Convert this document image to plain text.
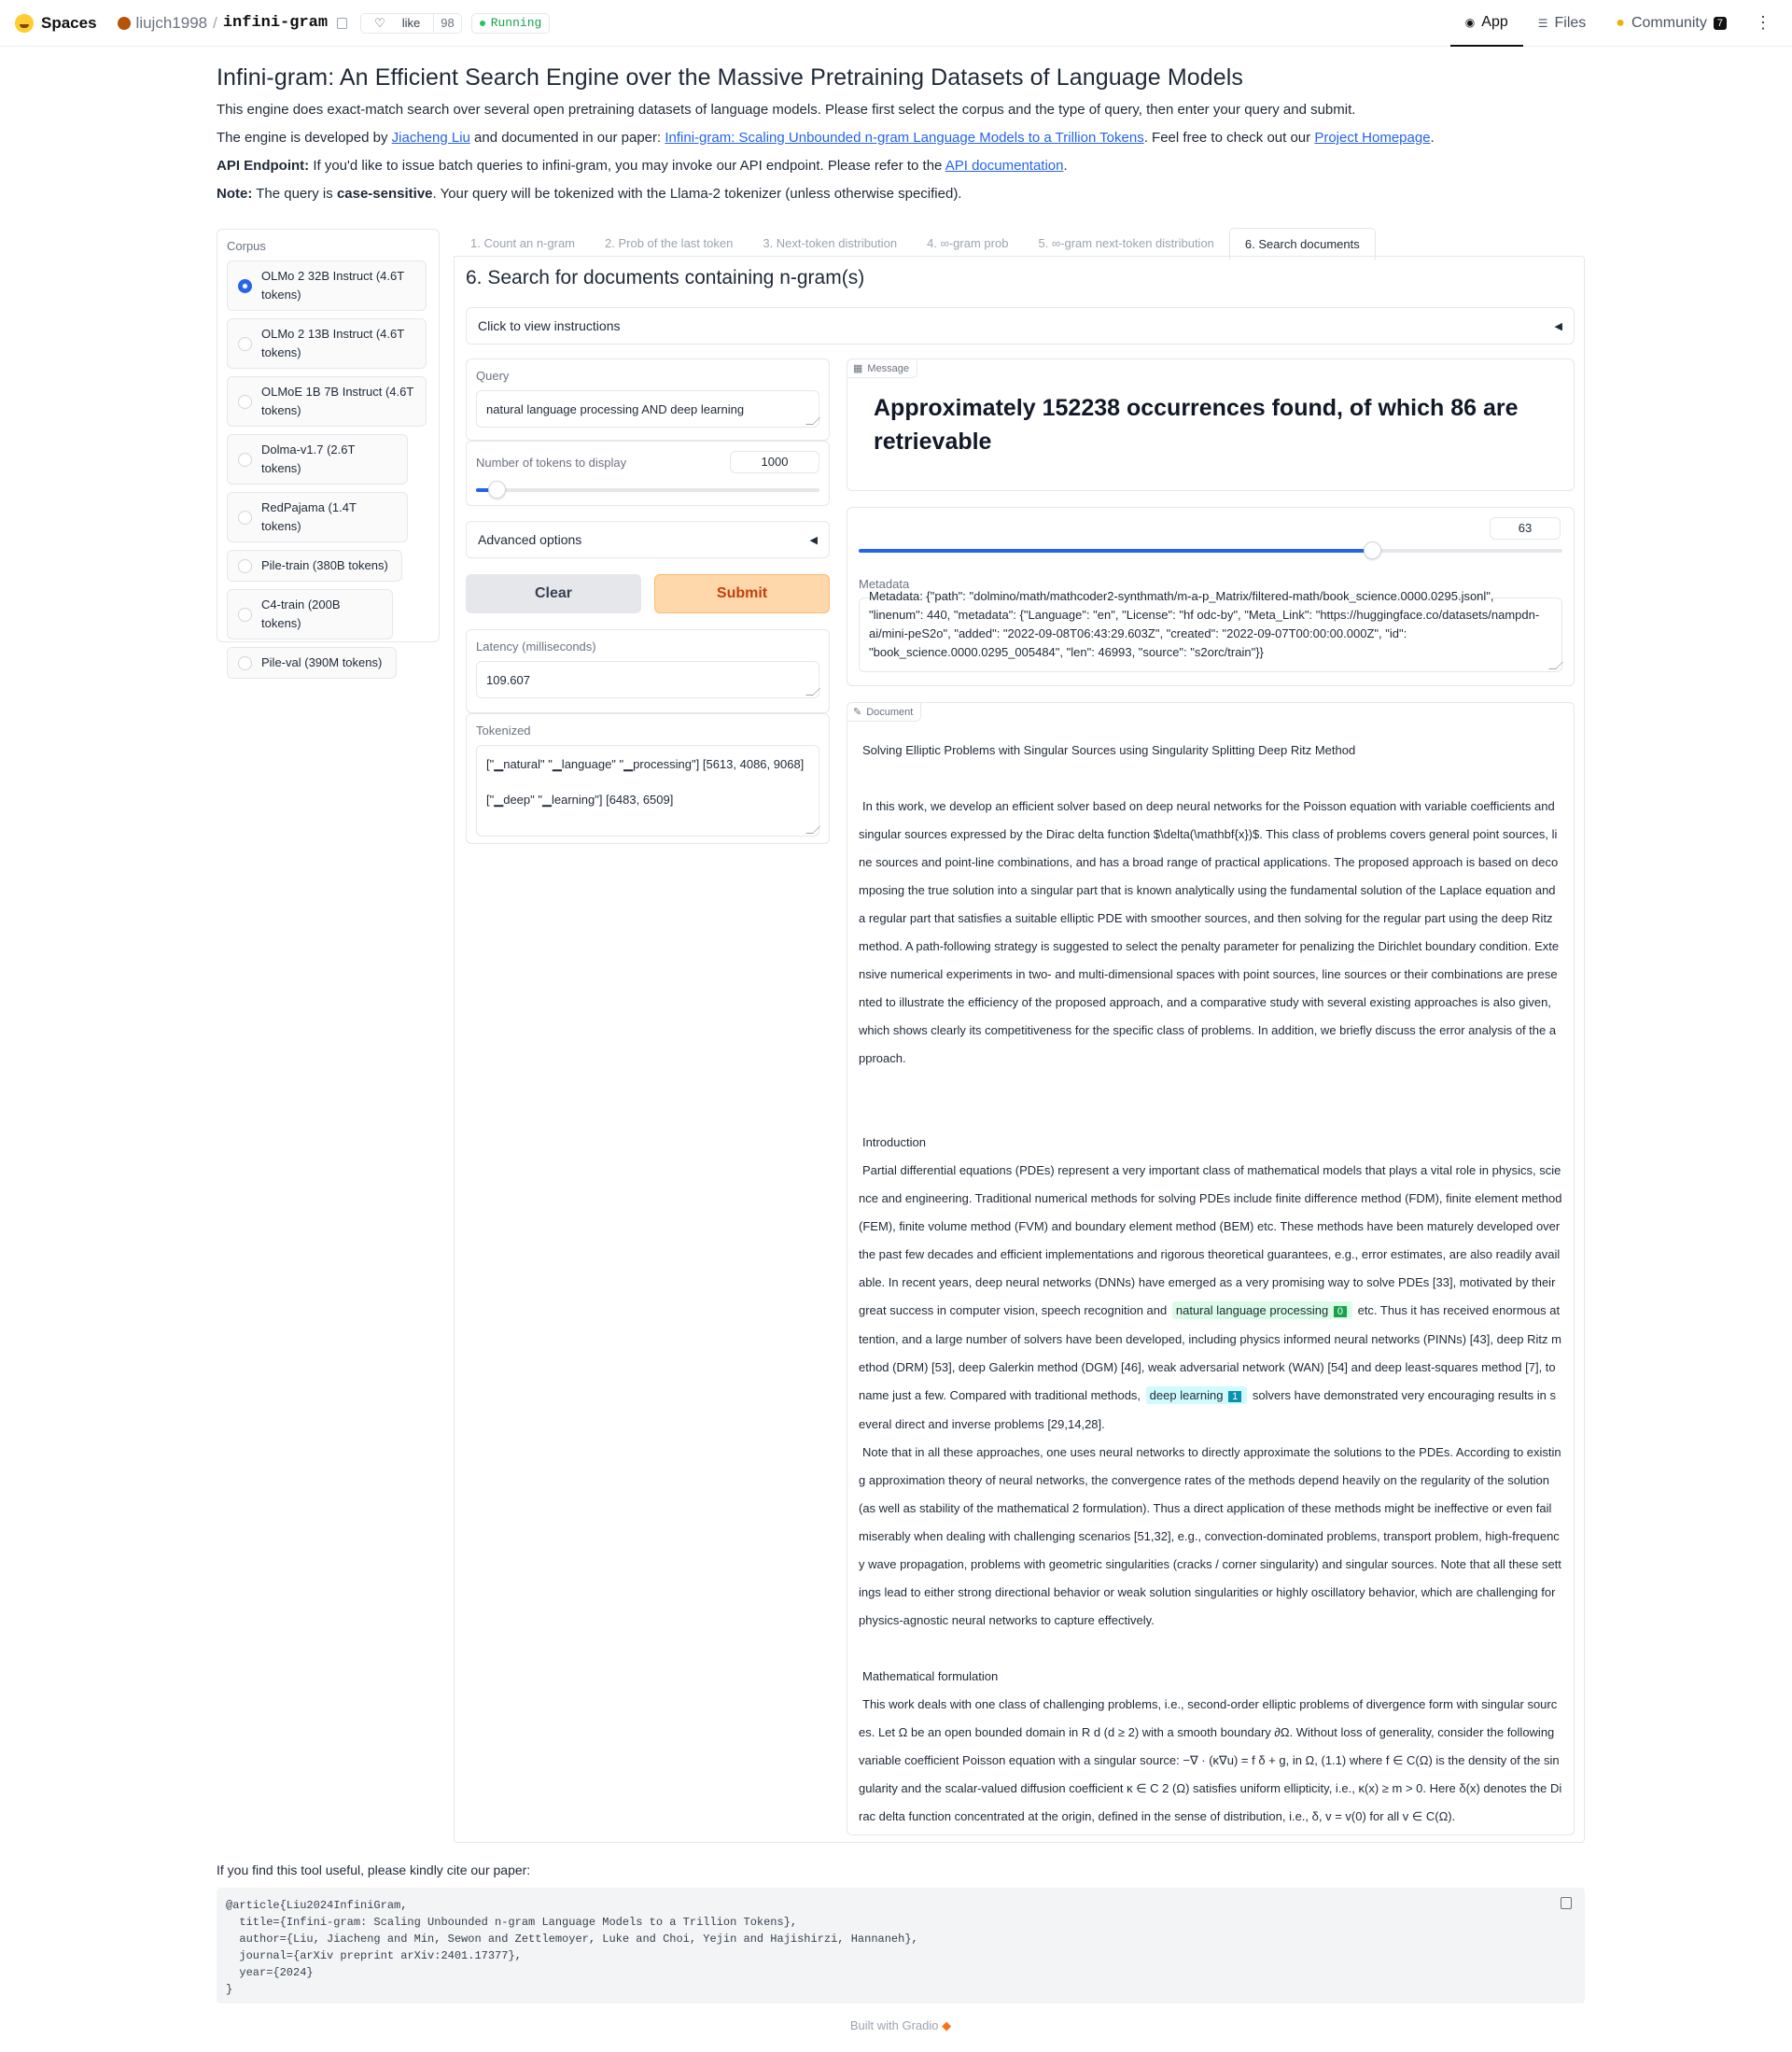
Spaces liujch1998 / infini-gram	♡	like	98	Running	◉ App	☰ Files ● Community	7	⋮
Infini-gram: An Efficient Search Engine over the Massive Pretraining Datasets of Language Models

This engine does exact-match search over several open pretraining datasets of language models. Please first select the corpus and the type of query, then enter your query and submit.

The engine is developed by Jiacheng Liu and documented in our paper: Infini-gram: Scaling Unbounded n-gram Language Models to a Trillion Tokens. Feel free to check out our Project Homepage.

API Endpoint: If you'd like to issue batch queries to infini-gram, you may invoke our API endpoint. Please refer to the API documentation.

Note: The query is case-sensitive. Your query will be tokenized with the Llama-2 tokenizer (unless otherwise specified).

Corpus
OLMo 2 32B Instruct (4.6T tokens)
OLMo 2 13B Instruct (4.6T tokens)
OLMoE 1B 7B Instruct (4.6T tokens)
Dolma-v1.7 (2.6T tokens)
RedPajama (1.4T tokens)
Pile-train (380B tokens)
C4-train (200B tokens)
Pile-val (390M tokens)
1. Count an n-gram	2. Prob of the last token	3. Next-token distribution	4. ∞-gram prob	5. ∞-gram next-token distribution	6. Search documents
6. Search for documents containing n-gram(s)
Click to view instructions	◀
Query
natural language processing AND deep learning
Number of tokens to display	1000
Advanced options	◀
Clear	Submit
Latency (milliseconds)
109.607
Tokenized
["▁natural" "▁language" "▁processing"] [5613, 4086, 9068]
["▁deep" "▁learning"] [6483, 6509]
▦ Message
Approximately 152238 occurrences found, of which 86 are retrievable
63
Metadata
Metadata: {"path": "dolmino/math/mathcoder2-synthmath/m-a-p_Matrix/filtered-math/book_science.0000.0295.jsonl",
"linenum": 440, "metadata": {"Language": "en", "License": "hf odc-by", "Meta_Link": "https://huggingface.co/datasets/nampdn-ai/mini-peS2o", "added": "2022-09-08T06:43:29.603Z", "created": "2022-09-07T00:00:00.000Z", "id": "book_science.0000.0295_005484", "len": 46993, "source": "s2orc/train"}}
✎ Document
Solving Elliptic Problems with Singular Sources using Singularity Splitting Deep Ritz Method
In this work, we develop an efficient solver based on deep neural networks for the Poisson equation with variable coefficients and singular sources expressed by the Dirac delta function $\delta(\mathbf{x})$. This class of problems covers general point sources, line sources and point-line combinations, and has a broad range of practical applications. The proposed approach is based on decomposing the true solution into a singular part that is known analytically using the fundamental solution of the Laplace equation and a regular part that satisfies a suitable elliptic PDE with smoother sources, and then solving for the regular part using the deep Ritz method. A path-following strategy is suggested to select the penalty parameter for penalizing the Dirichlet boundary condition. Extensive numerical experiments in two- and multi-dimensional spaces with point sources, line sources or their combinations are presented to illustrate the efficiency of the proposed approach, and a comparative study with several existing approaches is also given, which shows clearly its competitiveness for the specific class of problems. In addition, we briefly discuss the error analysis of the approach.
Introduction
Partial differential equations (PDEs) represent a very important class of mathematical models that plays a vital role in physics, science and engineering. Traditional numerical methods for solving PDEs include finite difference method (FDM), finite element method (FEM), finite volume method (FVM) and boundary element method (BEM) etc. These methods have been maturely developed over the past few decades and efficient implementations and rigorous theoretical guarantees, e.g., error estimates, are also readily available. In recent years, deep neural networks (DNNs) have emerged as a very promising way to solve PDEs [33], motivated by their great success in computer vision, speech recognition and natural language processing 0 etc. Thus it has received enormous attention, and a large number of solvers have been developed, including physics informed neural networks (PINNs) [43], deep Ritz method (DRM) [53], deep Galerkin method (DGM) [46], weak adversarial network (WAN) [54] and deep least-squares method [7], to name just a few. Compared with traditional methods, deep learning 1 solvers have demonstrated very encouraging results in several direct and inverse problems [29,14,28].
Note that in all these approaches, one uses neural networks to directly approximate the solutions to the PDEs. According to existing approximation theory of neural networks, the convergence rates of the methods depend heavily on the regularity of the solution (as well as stability of the mathematical 2 formulation). Thus a direct application of these methods might be ineffective or even fail miserably when dealing with challenging scenarios [51,32], e.g., convection-dominated problems, transport problem, high-frequency wave propagation, problems with geometric singularities (cracks / corner singularity) and singular sources. Note that all these settings lead to either strong directional behavior or weak solution singularities or highly oscillatory behavior, which are challenging for physics-agnostic neural networks to capture effectively.
Mathematical formulation
This work deals with one class of challenging problems, i.e., second-order elliptic problems of divergence form with singular sources. Let Ω be an open bounded domain in R d (d ≥ 2) with a smooth boundary ∂Ω. Without loss of generality, consider the following variable coefficient Poisson equation with a singular source: −∇ · (κ∇u) = f δ + g, in Ω, (1.1) where f ∈ C(Ω) is the density of the singularity and the scalar-valued diffusion coefficient κ ∈ C 2 (Ω) satisfies uniform ellipticity, i.e., κ(x) ≥ m > 0. Here δ(x) denotes the Dirac delta function concentrated at the origin, defined in the sense of distribution, i.e., δ, v = v(0) for all v ∈ C(Ω).
If you find this tool useful, please kindly cite our paper:
@article{Liu2024InfiniGram,
title={Infini-gram: Scaling Unbounded n-gram Language Models to a Trillion Tokens},
author={Liu, Jiacheng and Min, Sewon and Zettlemoyer, Luke and Choi, Yejin and Hajishirzi, Hannaneh},
journal={arXiv preprint arXiv:2401.17377},
year={2024}
}
Built with Gradio ◆
